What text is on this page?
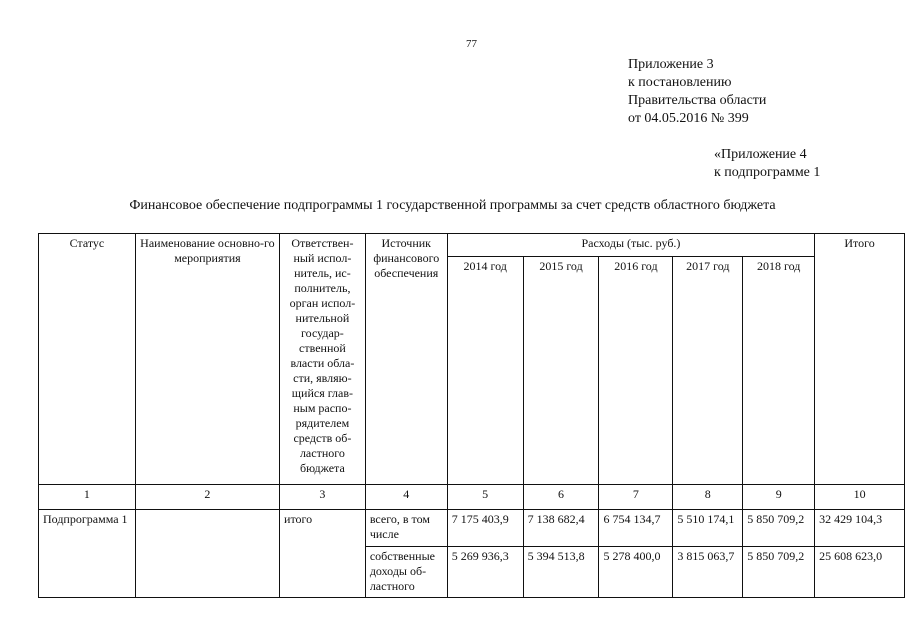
77
Приложение 3
к постановлению
Правительства области
от 04.05.2016 № 399
«Приложение 4
к подпрограмме 1
Финансовое обеспечение подпрограммы 1 государственной программы за счет средств областного бюджета
Статус	Наименование основно-го мероприятия	Ответствен-ный испол-нитель, ис-полнитель, орган испол-нительной государ-ственной власти обла-сти, являю-щийся глав-ным распо-рядителем средств об-ластного бюджета	Источник финансового обеспечения	Расходы (тыс. руб.)					Итого
				2014 год	2015 год	2016 год	2017 год	2018 год	
1	2	3	4	5	6	7	8	9	10
Подпрограмма 1		итого	всего, в том числе	7 175 403,9	7 138 682,4	6 754 134,7	5 510 174,1	5 850 709,2	32 429 104,3
			собственные доходы об-ластного	5 269 936,3	5 394 513,8	5 278 400,0	3 815 063,7	5 850 709,2	25 608 623,0
